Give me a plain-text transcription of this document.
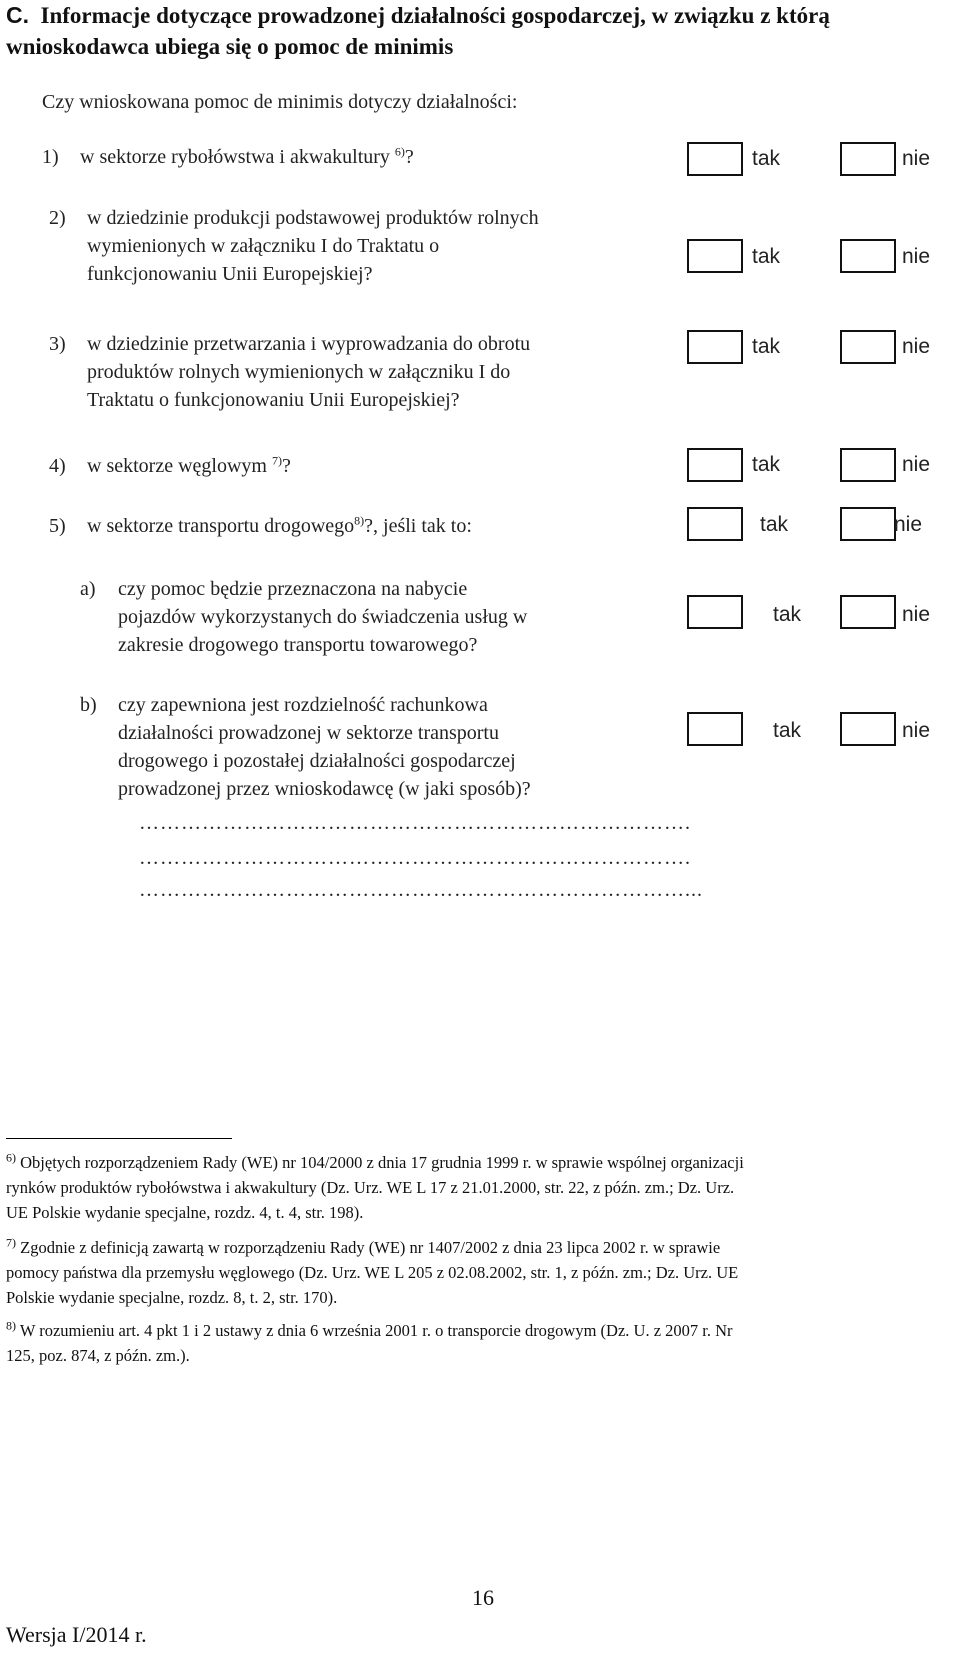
C. Informacje dotyczące prowadzonej działalności gospodarczej, w związku z którą
wnioskodawca ubiega się o pomoc de minimis
Czy wnioskowana pomoc de minimis dotyczy działalności:
1) w sektorze rybołówstwa i akwakultury $^{6)}$?	tak	nie
2) w dziedzinie produkcji podstawowej produktów rolnych
wymienionych w załączniku I do Traktatu o
funkcjonowaniu Unii Europejskiej?
tak	nie
3) w dziedzinie przetwarzania i wyprowadzania do obrotu
produktów rolnych wymienionych w załączniku I do
Traktatu o funkcjonowaniu Unii Europejskiej?
tak	nie
4) w sektorze węglowym $^{7)}$?	tak	nie
5) w sektorze transportu drogowego$^{8)}$?, jeśli tak to:	tak	nie
a) czy pomoc będzie przeznaczona na nabycie
pojazdów wykorzystanych do świadczenia usług w
zakresie drogowego transportu towarowego?
tak	nie
b) czy zapewniona jest rozdzielność rachunkowa
działalności prowadzonej w sektorze transportu
drogowego i pozostałej działalności gospodarczej
prowadzonej przez wnioskodawcę (w jaki sposób)?
tak	nie
…………………………………………………………………….
…………………………………………………………………….
……………………………………………………………………...
$^{6)}$ Objętych rozporządzeniem Rady (WE) nr 104/2000 z dnia 17 grudnia 1999 r. w sprawie wspólnej organizacji
rynków produktów rybołówstwa i akwakultury (Dz. Urz. WE L 17 z 21.01.2000, str. 22, z późn. zm.; Dz. Urz.
UE Polskie wydanie specjalne, rozdz. 4, t. 4, str. 198).
$^{7)}$ Zgodnie z definicją zawartą w rozporządzeniu Rady (WE) nr 1407/2002 z dnia 23 lipca 2002 r. w sprawie
pomocy państwa dla przemysłu węglowego (Dz. Urz. WE L 205 z 02.08.2002, str. 1, z późn. zm.; Dz. Urz. UE
Polskie wydanie specjalne, rozdz. 8, t. 2, str. 170).
$^{8)}$ W rozumieniu art. 4 pkt 1 i 2 ustawy z dnia 6 września 2001 r. o transporcie drogowym (Dz. U. z 2007 r. Nr
125, poz. 874, z późn. zm.).
16
Wersja I/2014 r.
